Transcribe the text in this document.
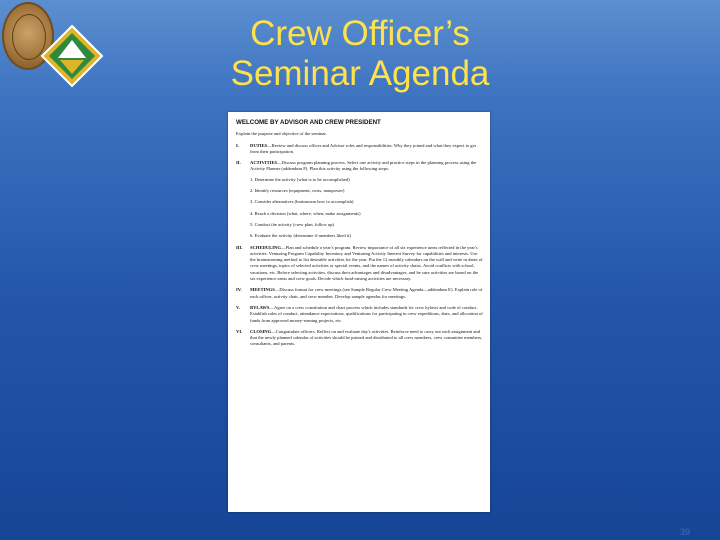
Crew Officer’s
Seminar Agenda
WELCOME BY ADVISOR AND CREW PRESIDENT
Explain the purpose and objective of the seminar.
I. DUTIES—Review and discuss officer and Advisor roles and responsibilities. Why they joined and what they expect to get from their participation.
II. ACTIVITIES—Discuss program planning process. Select one activity and practice steps in the planning process using the Activity Planner (addendum F). Plan this activity using the following steps:
1. Determine the activity (what is to be accomplished)
2. Identify resources (equipment, costs, manpower)
3. Consider alternatives (brainstorm how to accomplish)
4. Reach a decision (what, where, when, make assignments)
5. Conduct the activity (crew plan, follow up)
6. Evaluate the activity (determine if members liked it)
III. SCHEDULING—Plan and schedule a year's program. Review importance of all six experience areas reflected in the year's activities. Venturing Program Capability Inventory and Venturing Activity Interest Survey for capabilities and interests. Use the brainstorming method to list desirable activities for the year. Put the 12 monthly calendars on the wall and write in dates of crew meetings, topics of selected activities or special events, and the names of activity chairs. Avoid conflicts with school, vacations, etc. Before selecting activities, discuss their advantages and disadvantages, and be sure activities are based on the six experience areas and crew goals. Decide which fund-raising activities are necessary.
IV. MEETINGS—Discuss format for crew meetings (see Sample Regular Crew Meeting Agenda—addendum E). Explain role of each officer, activity chair, and crew member. Develop sample agendas for meetings.
V. BYLAWS—Agree on a crew constitution and chart process which includes standards for crew bylaws and code of conduct. Establish rules of conduct, attendance expectations, qualifications for participating in crew expeditions, dues, and allocation of funds from approved money-earning projects, etc.
VI. CLOSING—Congratulate officers. Reflect on and evaluate day's activities. Reinforce need to carry out each assignment and that the newly planned calendar of activities should be printed and distributed to all crew members, crew committee members, consultants, and parents.
39
